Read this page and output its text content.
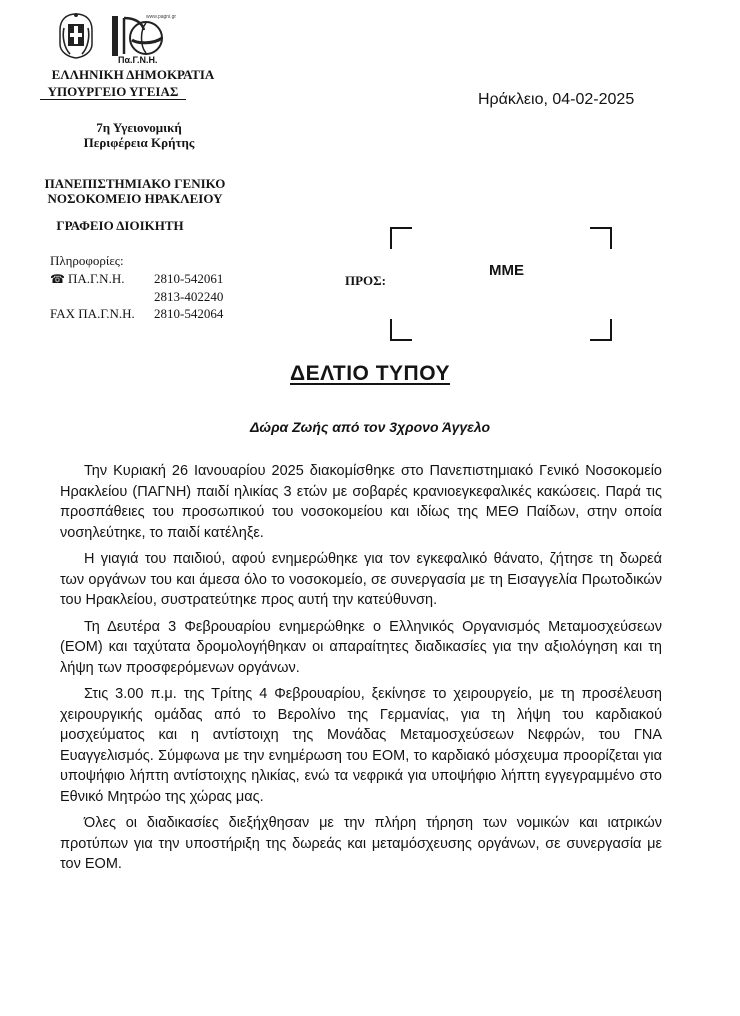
www.pagni.gr
Πα.Γ.Ν.Η.
ΕΛΛΗΝΙΚΗ ΔΗΜΟΚΡΑΤΙΑ
ΥΠΟΥΡΓΕΙΟ ΥΓΕΙΑΣ
7η Υγειονομική
Περιφέρεια Κρήτης
ΠΑΝΕΠΙΣΤΗΜΙΑΚΟ ΓΕΝΙΚΟ
ΝΟΣΟΚΟΜΕΙΟ ΗΡΑΚΛΕΙΟΥ
ΓΡΑΦΕΙΟ ΔΙΟΙΚΗΤΗ
Πληροφορίες:
☎ ΠΑ.Γ.Ν.Η.	2810-542061
2813-402240
FAX ΠΑ.Γ.Ν.Η.	2810-542064
Ηράκλειο, 04-02-2025
ΠΡΟΣ:
ΜΜΕ
ΔΕΛΤΙΟ ΤΥΠΟΥ
Δώρα Ζωής από τον 3χρονο Άγγελο

Την Κυριακή 26 Ιανουαρίου 2025 διακομίσθηκε στο Πανεπιστημιακό Γενικό Νοσοκομείο Ηρακλείου (ΠΑΓΝΗ) παιδί ηλικίας 3 ετών με σοβαρές κρανιοεγκεφαλικές κακώσεις. Παρά τις προσπάθειες του προσωπικού του νοσοκομείου και ιδίως της ΜΕΘ Παίδων, στην οποία νοσηλεύτηκε, το παιδί κατέληξε.

Η γιαγιά του παιδιού, αφού ενημερώθηκε για τον εγκεφαλικό θάνατο, ζήτησε τη δωρεά των οργάνων του και άμεσα όλο το νοσοκομείο, σε συνεργασία με τη Εισαγγελία Πρωτοδικών του Ηρακλείου, συστρατεύτηκε προς αυτή την κατεύθυνση.

Τη Δευτέρα 3 Φεβρουαρίου ενημερώθηκε ο Ελληνικός Οργανισμός Μεταμοσχεύσεων (ΕΟΜ) και ταχύτατα δρομολογήθηκαν οι απαραίτητες διαδικασίες για την αξιολόγηση και τη λήψη των προσφερόμενων οργάνων.

Στις 3.00 π.μ. της Τρίτης 4 Φεβρουαρίου, ξεκίνησε το χειρουργείο, με τη προσέλευση χειρουργικής ομάδας από το Βερολίνο της Γερμανίας, για τη λήψη του καρδιακού μοσχεύματος και η αντίστοιχη της Μονάδας Μεταμοσχεύσεων Νεφρών, του ΓΝΑ Ευαγγελισμός. Σύμφωνα με την ενημέρωση του ΕΟΜ, το καρδιακό μόσχευμα προορίζεται για υποψήφιο λήπτη αντίστοιχης ηλικίας, ενώ τα νεφρικά για υποψήφιο λήπτη εγγεγραμμένο στο Εθνικό Μητρώο της χώρας μας.

Όλες οι διαδικασίες διεξήχθησαν με την πλήρη τήρηση των νομικών και ιατρικών προτύπων για την υποστήριξη της δωρεάς και μεταμόσχευσης οργάνων, σε συνεργασία με τον ΕΟΜ.
